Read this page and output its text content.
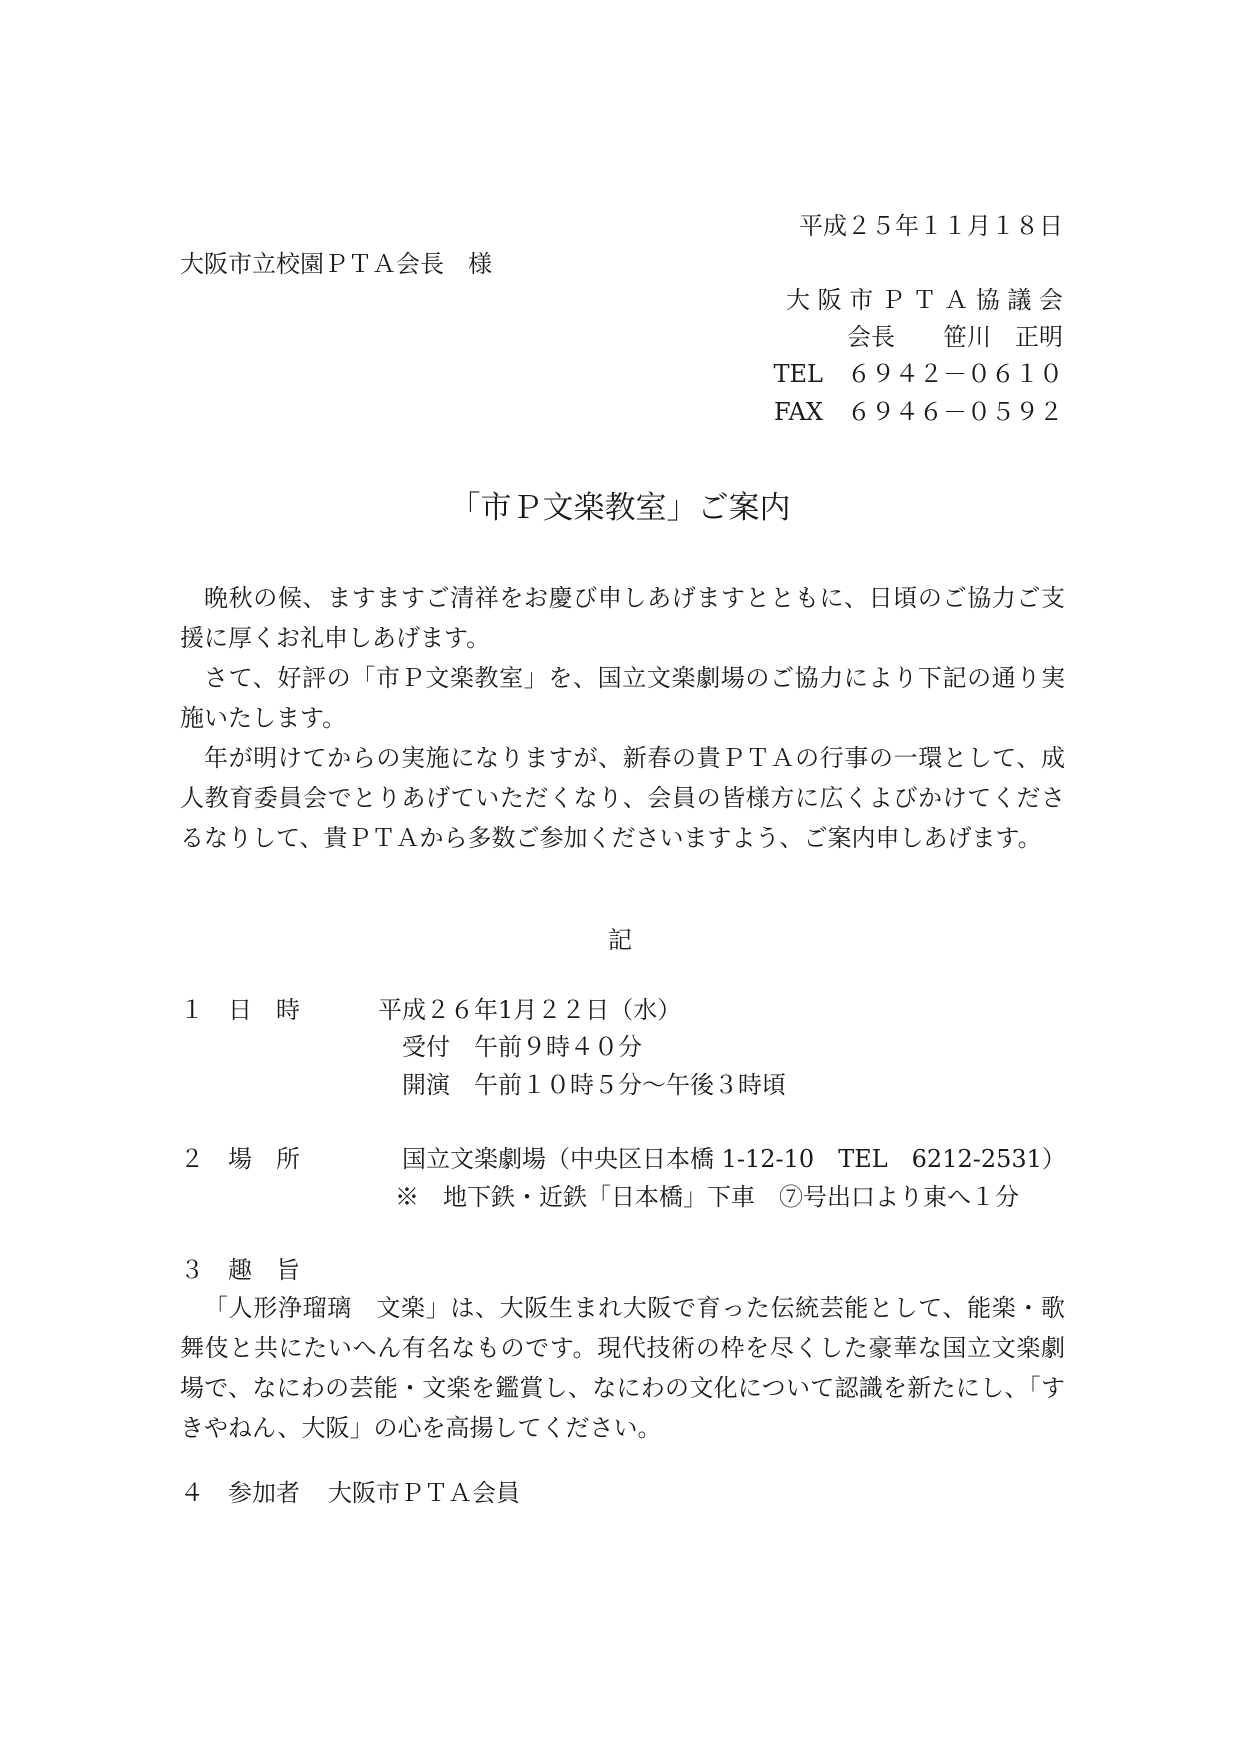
平成２５年１１月１８日
大阪市立校園ＰＴＡ会長　様
大 阪 市 Ｐ Ｔ Ａ 協 議 会
会長　　笹川　正明
TEL　６９４２－０６１０
FAX　６９４６－０５９２
「市Ｐ文楽教室」ご案内

晩秋の候、ますますご清祥をお慶び申しあげますとともに、日頃のご協力ご支援に厚くお礼申しあげます。

さて、好評の「市Ｐ文楽教室」を、国立文楽劇場のご協力により下記の通り実施いたします。

年が明けてからの実施になりますが、新春の貴ＰＴＡの行事の一環として、成人教育委員会でとりあげていただくなり、会員の皆様方に広くよびかけてくださるなりして、貴ＰＴＡから多数ご参加くださいますよう、ご案内申しあげます。

記
１　日　時	平成２６年1月２２日（水）
受付　午前９時４０分
開演　午前１０時５分～午後３時頃
２　場　所	国立文楽劇場（中央区日本橋 1-12-10　TEL　6212-2531）
※　地下鉄・近鉄「日本橋」下車　⑦号出口より東へ１分
３　趣　旨

「人形浄瑠璃　文楽」は、大阪生まれ大阪で育った伝統芸能として、能楽・歌舞伎と共にたいへん有名なものです。現代技術の枠を尽くした豪華な国立文楽劇場で、なにわの芸能・文楽を鑑賞し、なにわの文化について認識を新たにし、「すきやねん、大阪」の心を高揚してください。

４　参加者 大阪市ＰＴＡ会員
